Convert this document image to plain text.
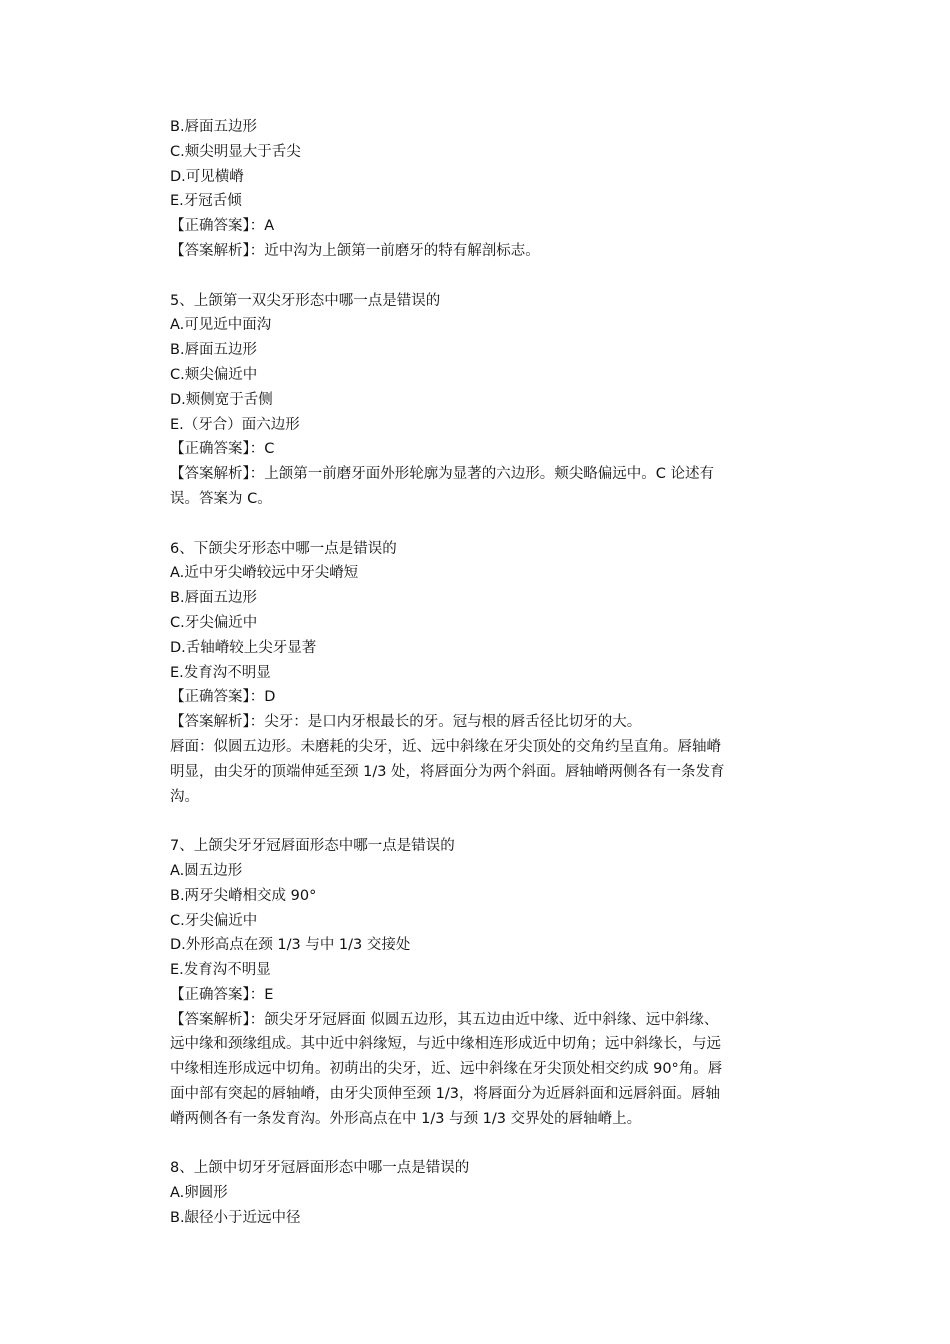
B.唇面五边形
C.颊尖明显大于舌尖
D.可见横嵴
E.牙冠舌倾
【正确答案】：A
【答案解析】：近中沟为上颌第一前磨牙的特有解剖标志。
5、上颌第一双尖牙形态中哪一点是错误的
A.可见近中面沟
B.唇面五边形
C.颊尖偏近中
D.颊侧宽于舌侧
E.（牙合）面六边形
【正确答案】：C
【答案解析】：上颌第一前磨牙面外形轮廓为显著的六边形。颊尖略偏远中。C 论述有
误。答案为 C。
6、下颌尖牙形态中哪一点是错误的
A.近中牙尖嵴较远中牙尖嵴短
B.唇面五边形
C.牙尖偏近中
D.舌轴嵴较上尖牙显著
E.发育沟不明显
【正确答案】：D
【答案解析】：尖牙：是口内牙根最长的牙。冠与根的唇舌径比切牙的大。
唇面：似圆五边形。未磨耗的尖牙，近、远中斜缘在牙尖顶处的交角约呈直角。唇轴嵴
明显，由尖牙的顶端伸延至颈 1/3 处，将唇面分为两个斜面。唇轴嵴两侧各有一条发育
沟。
7、上颌尖牙牙冠唇面形态中哪一点是错误的
A.圆五边形
B.两牙尖嵴相交成 90°
C.牙尖偏近中
D.外形高点在颈 1/3 与中 1/3 交接处
E.发育沟不明显
【正确答案】：E
【答案解析】：颌尖牙牙冠唇面 似圆五边形，其五边由近中缘、近中斜缘、远中斜缘、
远中缘和颈缘组成。其中近中斜缘短，与近中缘相连形成近中切角；远中斜缘长，与远
中缘相连形成远中切角。初萌出的尖牙，近、远中斜缘在牙尖顶处相交约成 90°角。唇
面中部有突起的唇轴嵴，由牙尖顶伸至颈 1/3，将唇面分为近唇斜面和远唇斜面。唇轴
嵴两侧各有一条发育沟。外形高点在中 1/3 与颈 1/3 交界处的唇轴嵴上。
8、上颌中切牙牙冠唇面形态中哪一点是错误的
A.卵圆形
B.龈径小于近远中径
